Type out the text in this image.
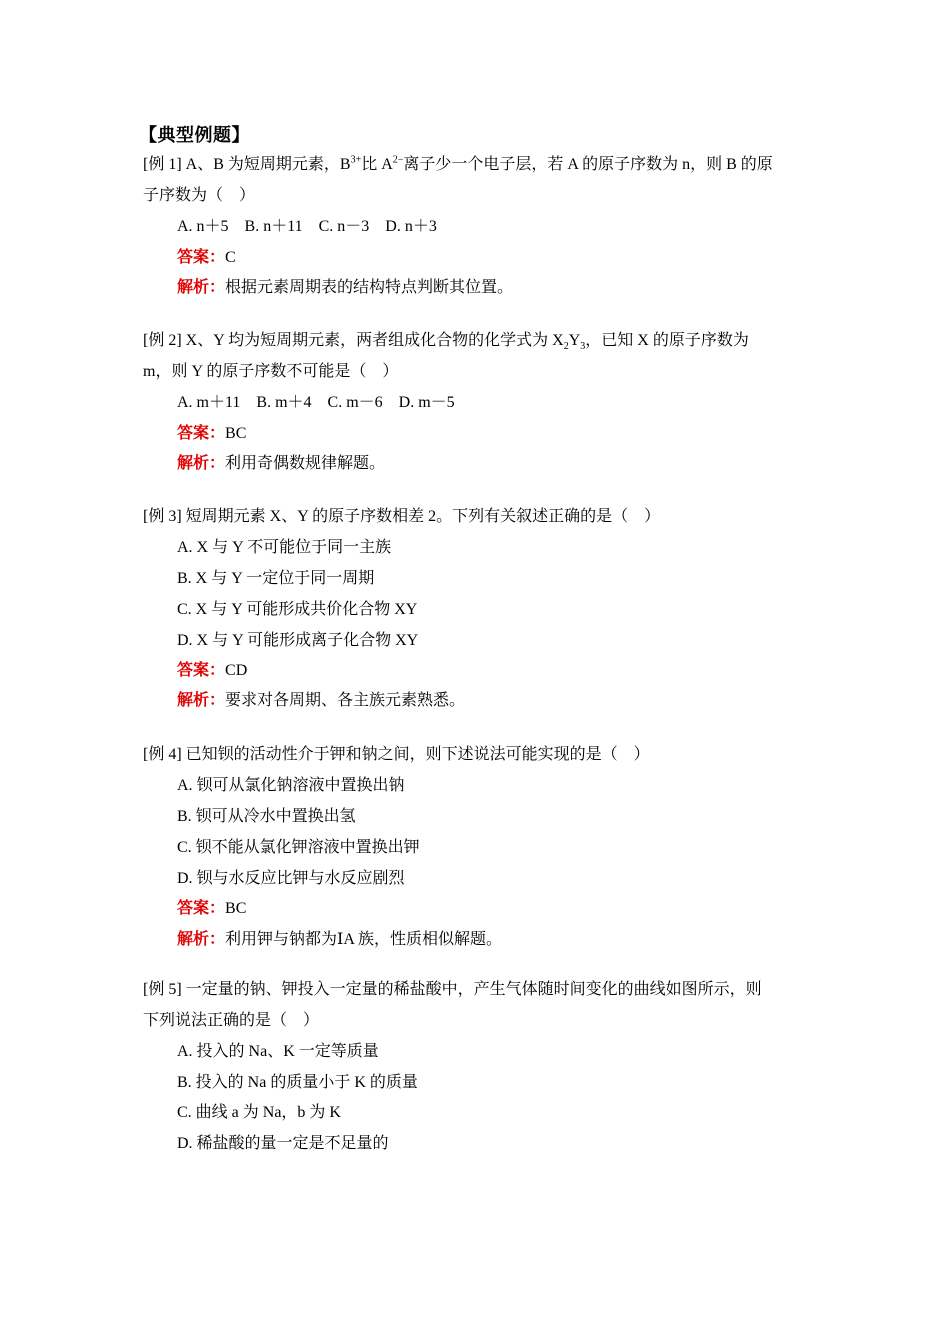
【典型例题】
[例 1] A、B 为短周期元素，$B^{3+}$比 $A^{2-}$离子少一个电子层，若 A 的原子序数为 n，则 B 的原
子序数为（　）
A. n＋5　B. n＋11　C. n－3　D. n＋3
答案：C
解析：根据元素周期表的结构特点判断其位置。
[例 2] X、Y 均为短周期元素，两者组成化合物的化学式为 $X_2Y_3$，已知 X 的原子序数为
m，则 Y 的原子序数不可能是（　）
A. m＋11　B. m＋4　C. m－6　D. m－5
答案：BC
解析：利用奇偶数规律解题。
[例 3] 短周期元素 X、Y 的原子序数相差 2。下列有关叙述正确的是（　）
A. X 与 Y 不可能位于同一主族
B. X 与 Y 一定位于同一周期
C. X 与 Y 可能形成共价化合物 XY
D. X 与 Y 可能形成离子化合物 XY
答案：CD
解析：要求对各周期、各主族元素熟悉。
[例 4] 已知钡的活动性介于钾和钠之间，则下述说法可能实现的是（　）
A. 钡可从氯化钠溶液中置换出钠
B. 钡可从冷水中置换出氢
C. 钡不能从氯化钾溶液中置换出钾
D. 钡与水反应比钾与水反应剧烈
答案：BC
解析：利用钾与钠都为ⅠA 族，性质相似解题。
[例 5] 一定量的钠、钾投入一定量的稀盐酸中，产生气体随时间变化的曲线如图所示，则
下列说法正确的是（　）
A. 投入的 Na、K 一定等质量
B. 投入的 Na 的质量小于 K 的质量
C. 曲线 a 为 Na，b 为 K
D. 稀盐酸的量一定是不足量的
